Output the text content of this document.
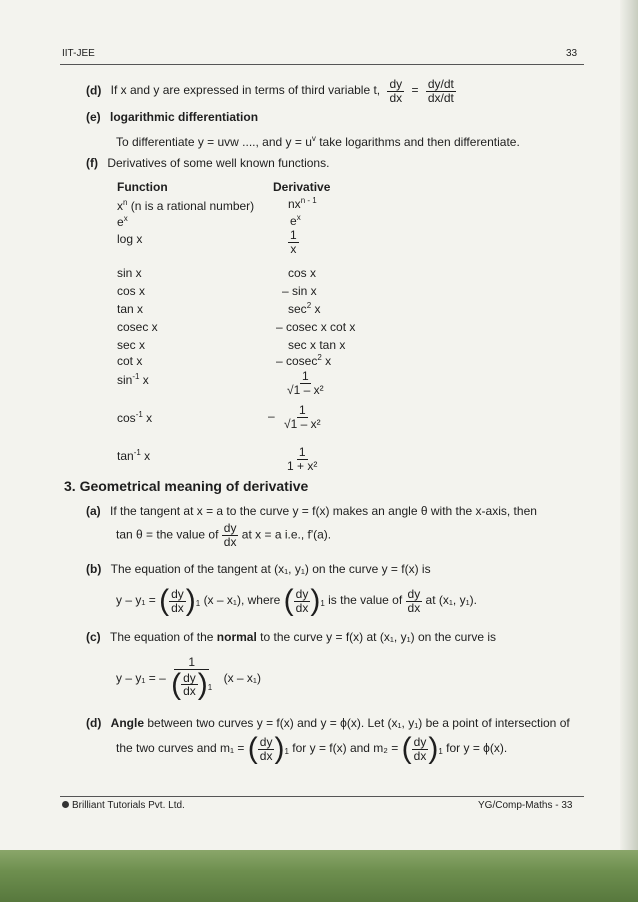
IIT-JEE	33
(d) If x and y are expressed in terms of third variable t, $\frac{dy}{dx} = \frac{dy/dt}{dx/dt}$
(e) logarithmic differentiation
To differentiate y = uvw ...., and $y = u^v$ take logarithms and then differentiate.
(f) Derivatives of some well known functions.
Function	Derivative
$x^n$ (n is a rational number)	$nx^{n - 1}$
$e^x$	$e^x$
log x	$\frac{1}{x}$
sin x	cos x
cos x	– sin x
tan x	$\sec^2 x$
cosec x	– cosec x cot x
sec x	sec x tan x
cot x	– cosec$^2$ x
$\sin^{-1} x$	$\frac{1}{\text{√1 – x²}}$
$\cos^{-1} x$	– $\frac{1}{\text{√1 – x²}}$
$\tan^{-1} x$	$\frac{1}{\text{1 + x²}}$
3. Geometrical meaning of derivative
(a) If the tangent at x = a to the curve y = f(x) makes an angle θ with the x-axis, then
tan θ = the value of $\frac{dy}{dx}$ at x = a i.e., f'(a).
(b) The equation of the tangent at (x₁, y₁) on the curve y = f(x) is
y – y₁ = ( $\frac{dy}{dx} )_1$ (x – x₁), where ( $\frac{dy}{dx} )_1$ is the value of $\frac{dy}{dx}$ at (x₁, y₁).
(c) The equation of the normal to the curve y = f(x) at (x₁, y₁) on the curve is
y – y₁ = – $\frac{1}{( \frac{dy}{dx} )_1} (x - x_1)$
(d) Angle between two curves y = f(x) and y = ϕ(x). Let (x₁, y₁) be a point of intersection of
the two curves and m₁ = ( $\frac{dy}{dx} )_1$ for y = f(x) and m₂ = ( $\frac{dy}{dx} )_1$ for y = ϕ(x).
Brilliant Tutorials Pvt. Ltd.	YG/Comp-Maths - 33
